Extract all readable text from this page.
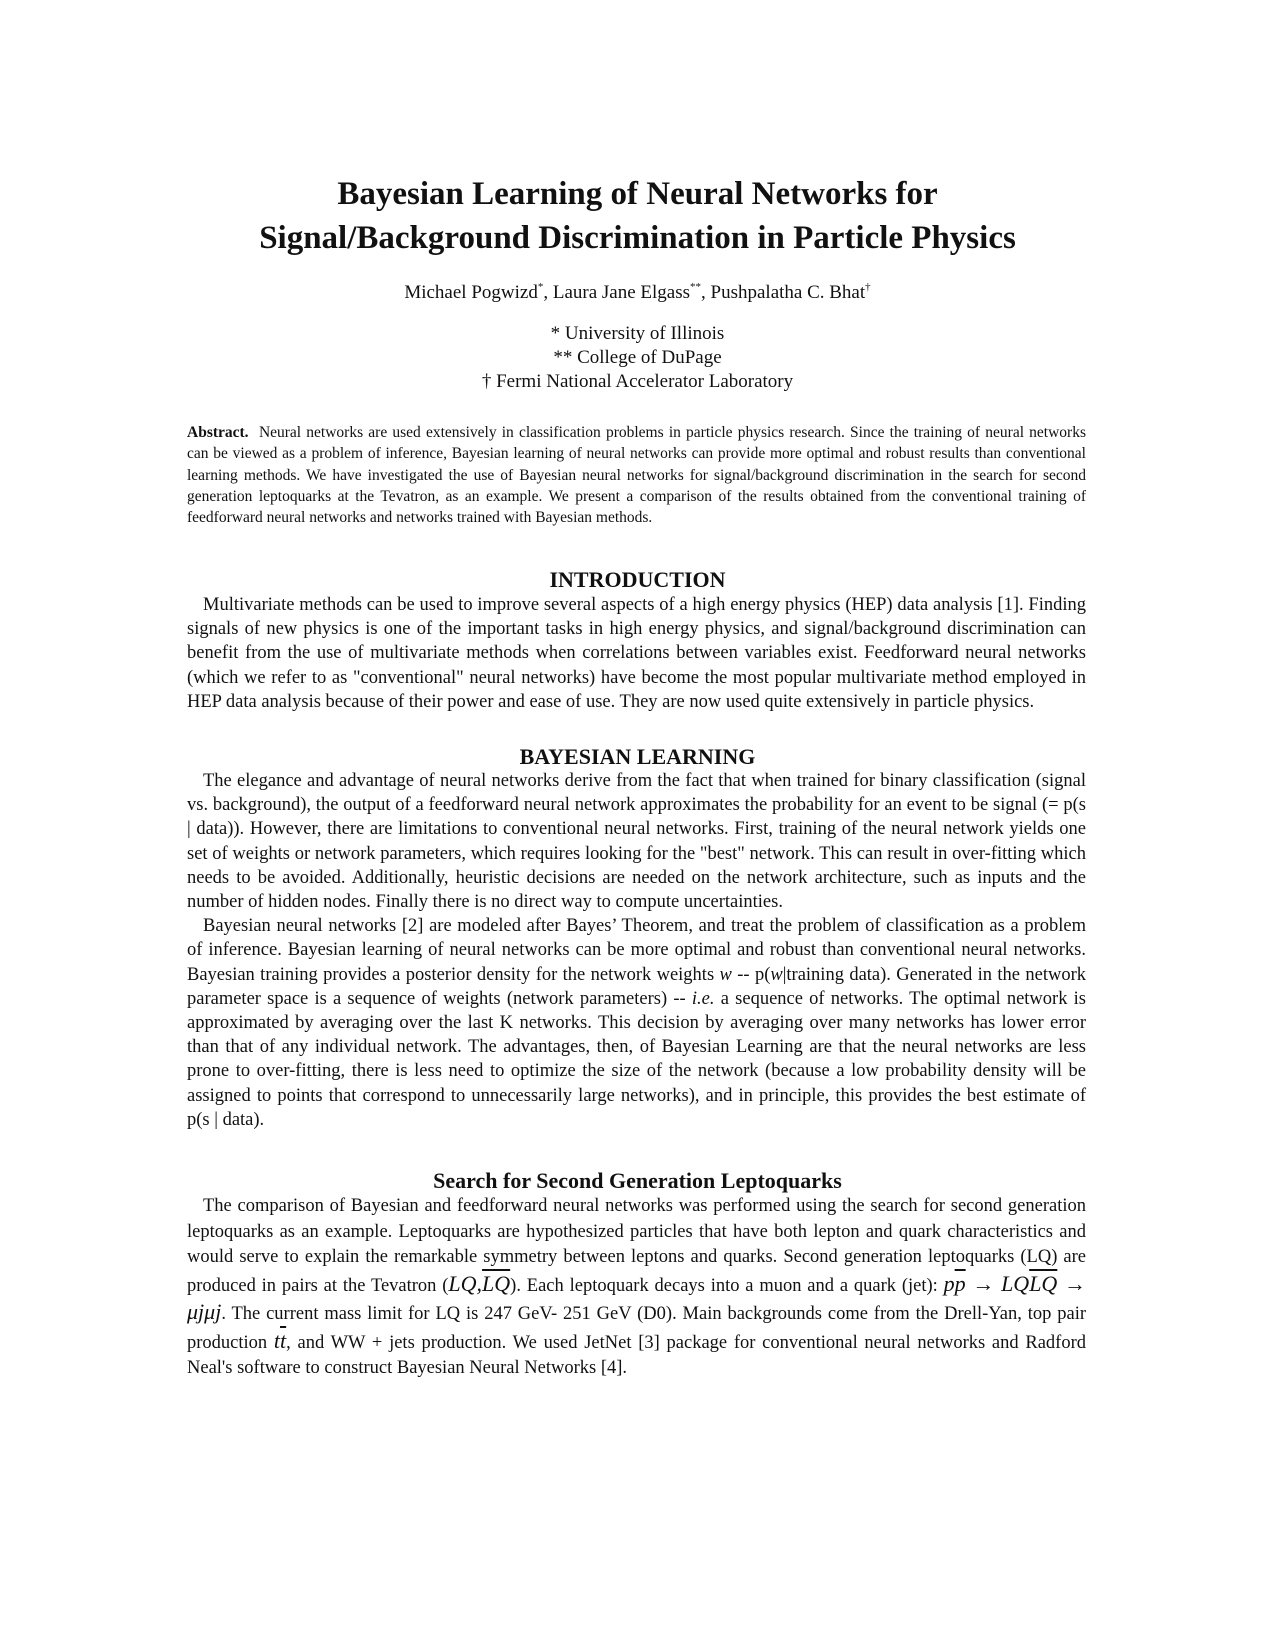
Bayesian Learning of Neural Networks for
Signal/Background Discrimination in Particle Physics
Michael Pogwizd*, Laura Jane Elgass**, Pushpalatha C. Bhat†
* University of Illinois
** College of DuPage
† Fermi National Accelerator Laboratory
Abstract. Neural networks are used extensively in classification problems in particle physics research. Since the training of neural networks can be viewed as a problem of inference, Bayesian learning of neural networks can provide more optimal and robust results than conventional learning methods. We have investigated the use of Bayesian neural networks for signal/background discrimination in the search for second generation leptoquarks at the Tevatron, as an example. We present a comparison of the results obtained from the conventional training of feedforward neural networks and networks trained with Bayesian methods.
INTRODUCTION

Multivariate methods can be used to improve several aspects of a high energy physics (HEP) data analysis [1]. Finding signals of new physics is one of the important tasks in high energy physics, and signal/background discrimination can benefit from the use of multivariate methods when correlations between variables exist. Feedforward neural networks (which we refer to as "conventional" neural networks) have become the most popular multivariate method employed in HEP data analysis because of their power and ease of use. They are now used quite extensively in particle physics.

BAYESIAN LEARNING

The elegance and advantage of neural networks derive from the fact that when trained for binary classification (signal vs. background), the output of a feedforward neural network approximates the probability for an event to be signal (= p(s | data)). However, there are limitations to conventional neural networks. First, training of the neural network yields one set of weights or network parameters, which requires looking for the "best" network. This can result in over-fitting which needs to be avoided. Additionally, heuristic decisions are needed on the network architecture, such as inputs and the number of hidden nodes. Finally there is no direct way to compute uncertainties.

Bayesian neural networks [2] are modeled after Bayes’ Theorem, and treat the problem of classification as a problem of inference. Bayesian learning of neural networks can be more optimal and robust than conventional neural networks. Bayesian training provides a posterior density for the network weights w -- p(w|training data). Generated in the network parameter space is a sequence of weights (network parameters) -- i.e. a sequence of networks. The optimal network is approximated by averaging over the last K networks. This decision by averaging over many networks has lower error than that of any individual network. The advantages, then, of Bayesian Learning are that the neural networks are less prone to over-fitting, there is less need to optimize the size of the network (because a low probability density will be assigned to points that correspond to unnecessarily large networks), and in principle, this provides the best estimate of p(s | data).

Search for Second Generation Leptoquarks

The comparison of Bayesian and feedforward neural networks was performed using the search for second generation leptoquarks as an example. Leptoquarks are hypothesized particles that have both lepton and quark characteristics and would serve to explain the remarkable symmetry between leptons and quarks. Second generation leptoquarks (LQ) are produced in pairs at the Tevatron $(LQ,\overline{LQ})$. Each leptoquark decays into a muon and a quark (jet): $p\overline{p} \to LQ\overline{LQ} \to \mu j\mu j$. The current mass limit for LQ is 247 GeV- 251 GeV (D0). Main backgrounds come from the Drell-Yan, top pair production $t\overline{t}$, and WW + jets production. We used JetNet [3] package for conventional neural networks and Radford Neal's software to construct Bayesian Neural Networks [4].
